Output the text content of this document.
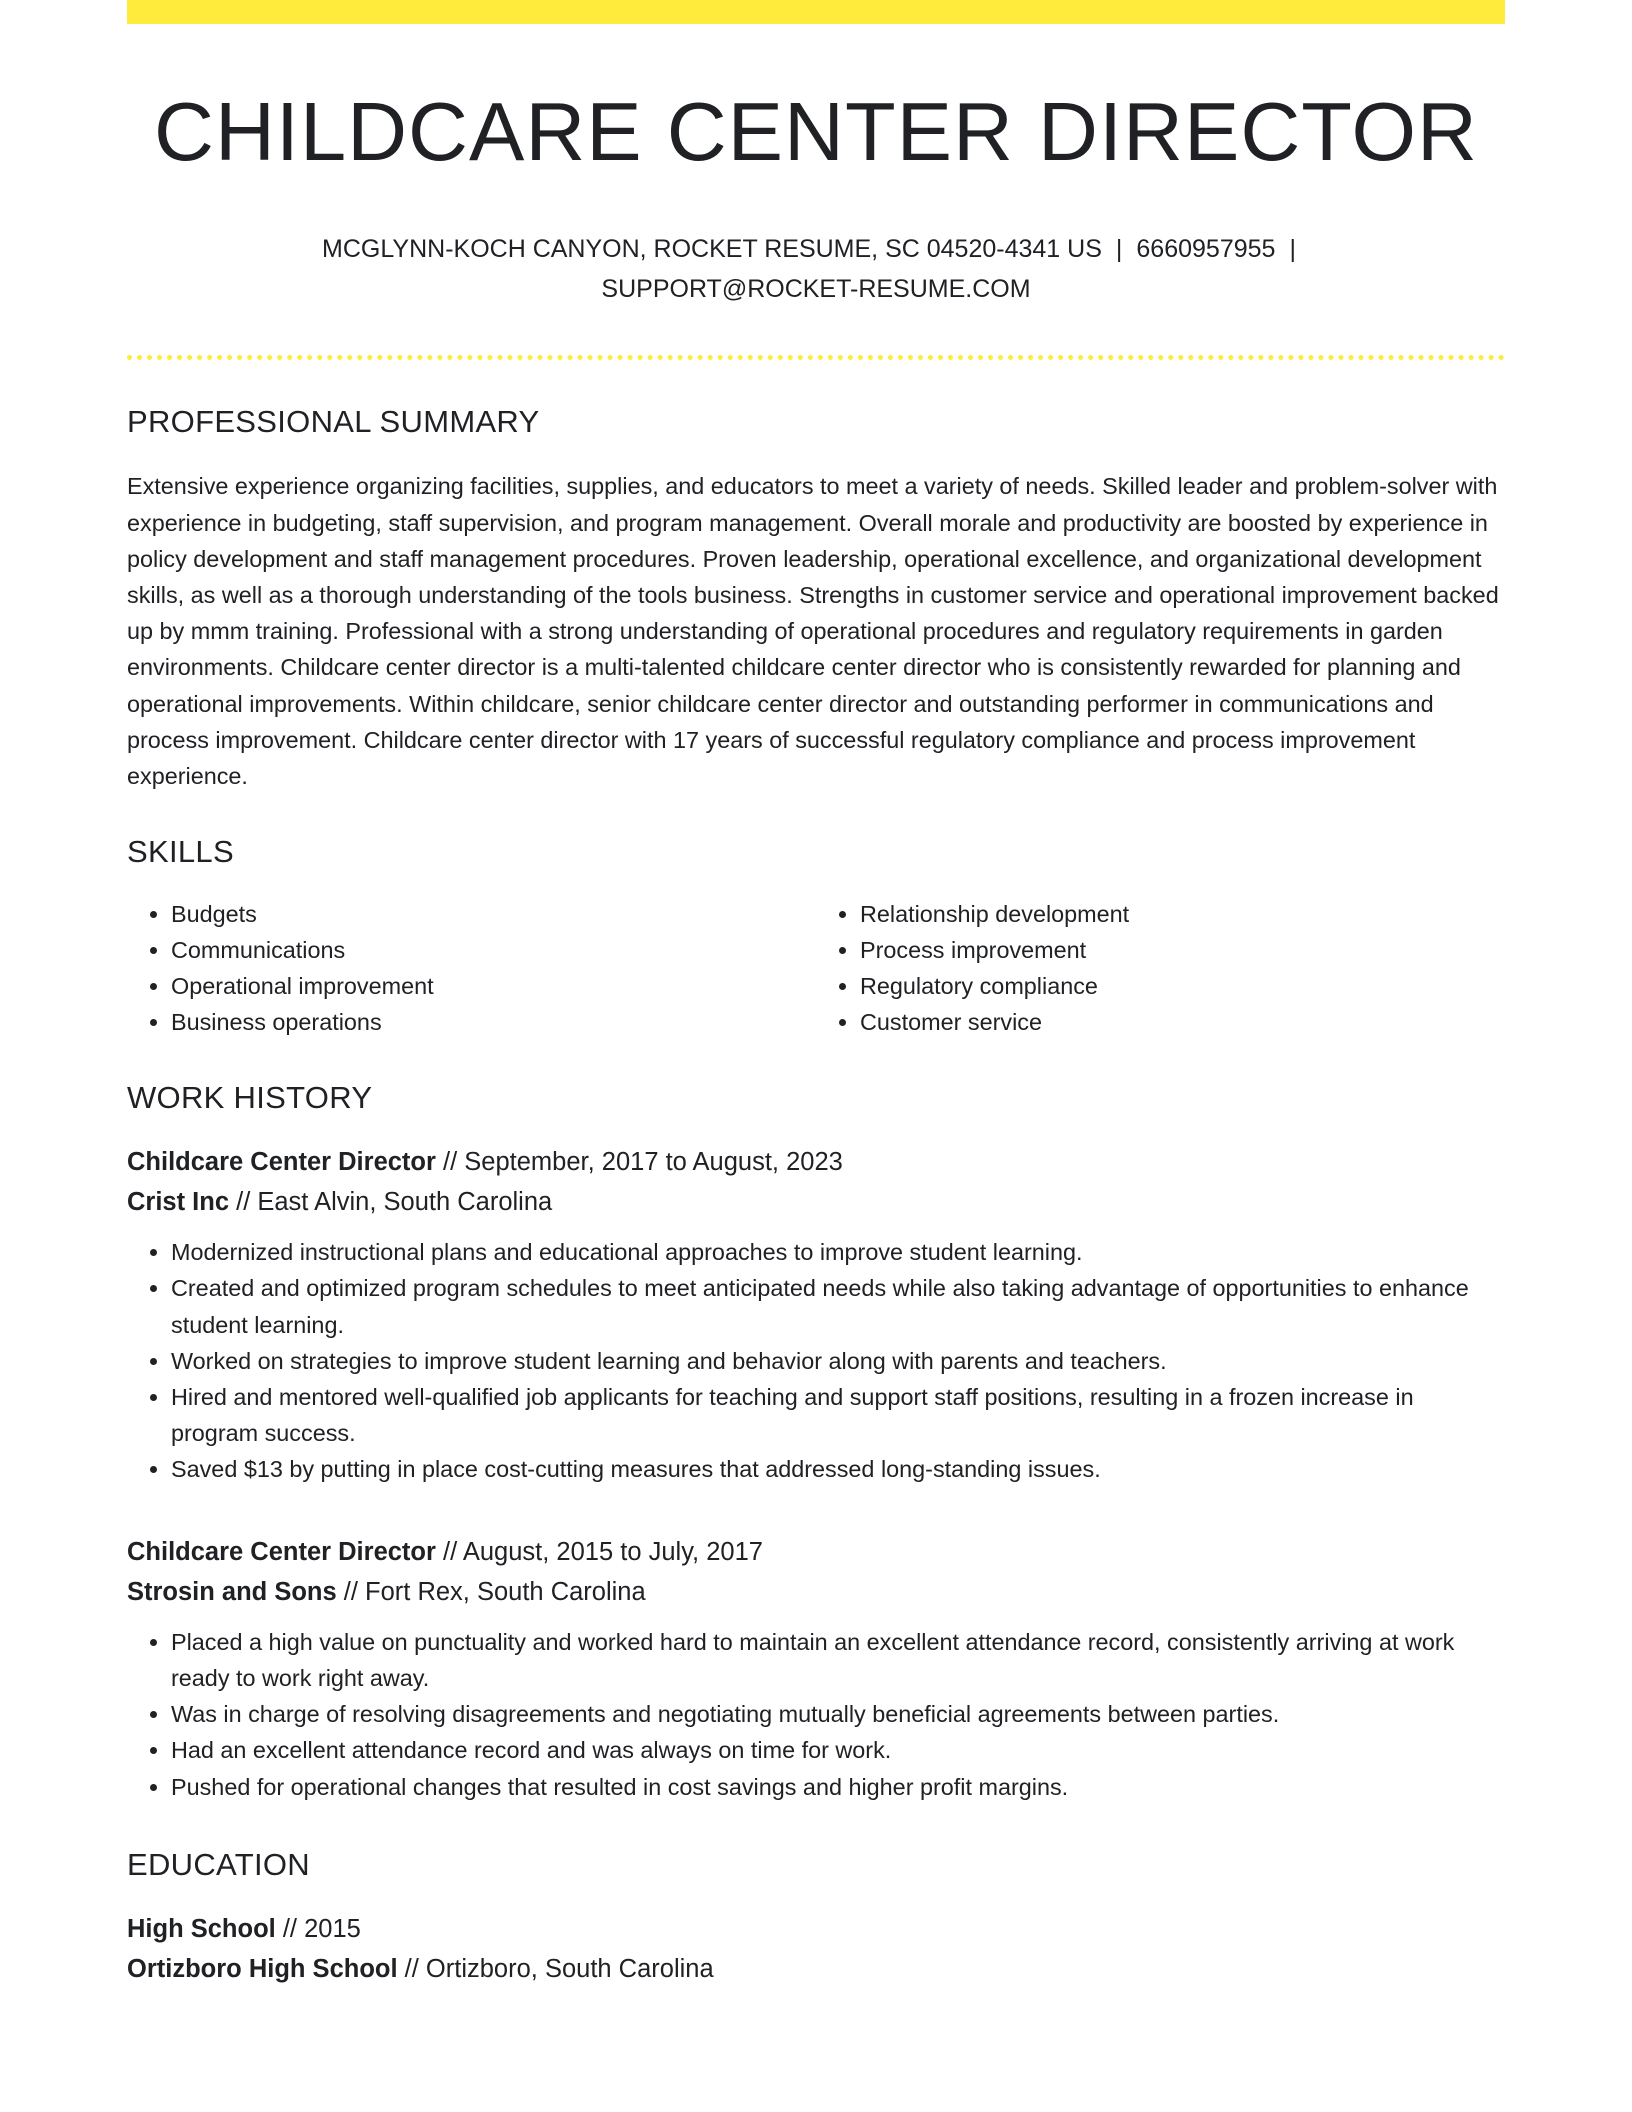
CHILDCARE CENTER DIRECTOR
MCGLYNN-KOCH CANYON, ROCKET RESUME, SC 04520-4341 US | 6660957955 |
SUPPORT@ROCKET-RESUME.COM
PROFESSIONAL SUMMARY
Extensive experience organizing facilities, supplies, and educators to meet a variety of needs. Skilled leader and problem-solver with experience in budgeting, staff supervision, and program management. Overall morale and productivity are boosted by experience in policy development and staff management procedures. Proven leadership, operational excellence, and organizational development skills, as well as a thorough understanding of the tools business. Strengths in customer service and operational improvement backed up by mmm training. Professional with a strong understanding of operational procedures and regulatory requirements in garden environments. Childcare center director is a multi-talented childcare center director who is consistently rewarded for planning and operational improvements. Within childcare, senior childcare center director and outstanding performer in communications and process improvement. Childcare center director with 17 years of successful regulatory compliance and process improvement experience.
SKILLS
• Budgets
• Communications
• Operational improvement
• Business operations
• Relationship development
• Process improvement
• Regulatory compliance
• Customer service
WORK HISTORY
Childcare Center Director // September, 2017 to August, 2023
Crist Inc // East Alvin, South Carolina
• Modernized instructional plans and educational approaches to improve student learning.
• Created and optimized program schedules to meet anticipated needs while also taking advantage of opportunities to enhance student learning.
• Worked on strategies to improve student learning and behavior along with parents and teachers.
• Hired and mentored well-qualified job applicants for teaching and support staff positions, resulting in a frozen increase in program success.
• Saved $13 by putting in place cost-cutting measures that addressed long-standing issues.
Childcare Center Director // August, 2015 to July, 2017
Strosin and Sons // Fort Rex, South Carolina
• Placed a high value on punctuality and worked hard to maintain an excellent attendance record, consistently arriving at work ready to work right away.
• Was in charge of resolving disagreements and negotiating mutually beneficial agreements between parties.
• Had an excellent attendance record and was always on time for work.
• Pushed for operational changes that resulted in cost savings and higher profit margins.
EDUCATION
High School // 2015
Ortizboro High School // Ortizboro, South Carolina
